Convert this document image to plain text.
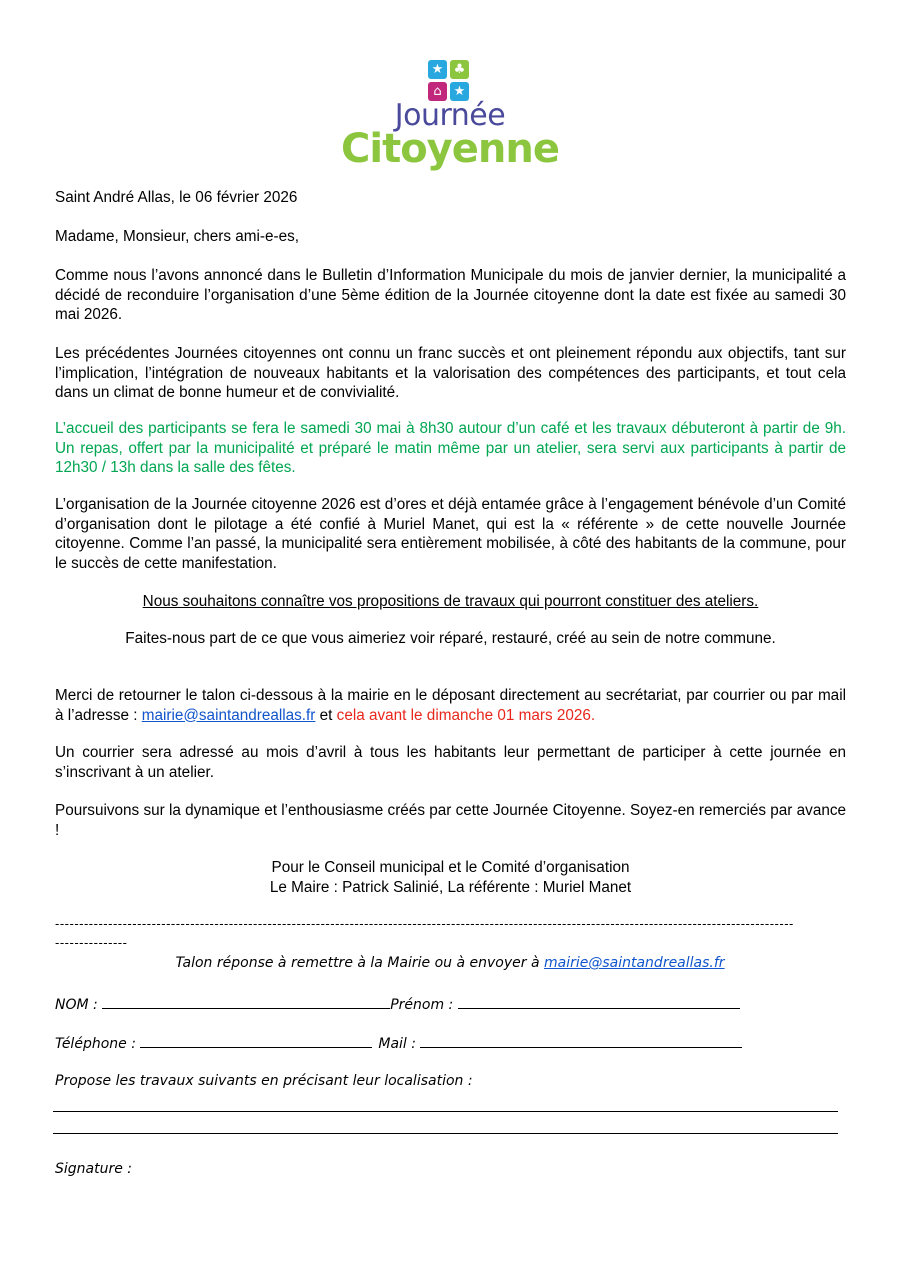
★ ♣
⌂ ★
Journée
Citoyenne
Saint André Allas, le 06 février 2026
Madame, Monsieur, chers ami-e-es,
Comme nous l’avons annoncé dans le Bulletin d’Information Municipale du mois de janvier dernier, la municipalité a décidé de reconduire l’organisation d’une 5ème édition de la Journée citoyenne dont la date est fixée au samedi 30 mai 2026.
Les précédentes Journées citoyennes ont connu un franc succès et ont pleinement répondu aux objectifs, tant sur l’implication, l’intégration de nouveaux habitants et la valorisation des compétences des participants, et tout cela dans un climat de bonne humeur et de convivialité.
L’accueil des participants se fera le samedi 30 mai à 8h30 autour d’un café et les travaux débuteront à partir de 9h. Un repas, offert par la municipalité et préparé le matin même par un atelier, sera servi aux participants à partir de 12h30 / 13h dans la salle des fêtes.
L’organisation de la Journée citoyenne 2026 est d’ores et déjà entamée grâce à l’engagement bénévole d’un Comité d’organisation dont le pilotage a été confié à Muriel Manet, qui est la « référente » de cette nouvelle Journée citoyenne. Comme l’an passé, la municipalité sera entièrement mobilisée, à côté des habitants de la commune, pour le succès de cette manifestation.
Nous souhaitons connaître vos propositions de travaux qui pourront constituer des ateliers.
Faites-nous part de ce que vous aimeriez voir réparé, restauré, créé au sein de notre commune.
Merci de retourner le talon ci-dessous à la mairie en le déposant directement au secrétariat, par courrier ou par mail à l’adresse : mairie@saintandreallas.fr et cela avant le dimanche 01 mars 2026.
Un courrier sera adressé au mois d’avril à tous les habitants leur permettant de participer à cette journée en s’inscrivant à un atelier.
Poursuivons sur la dynamique et l’enthousiasme créés par cette Journée Citoyenne. Soyez-en remerciés par avance !
Pour le Conseil municipal et le Comité d’organisation
Le Maire : Patrick Salinié, La référente : Muriel Manet
---------------------------------------------------------------------------------------------------------------------------------------------------------
---------------
Talon réponse à remettre à la Mairie ou à envoyer à mairie@saintandreallas.fr
NOM :	Prénom :
Téléphone :	Mail :
Propose les travaux suivants en précisant leur localisation :
Signature :
